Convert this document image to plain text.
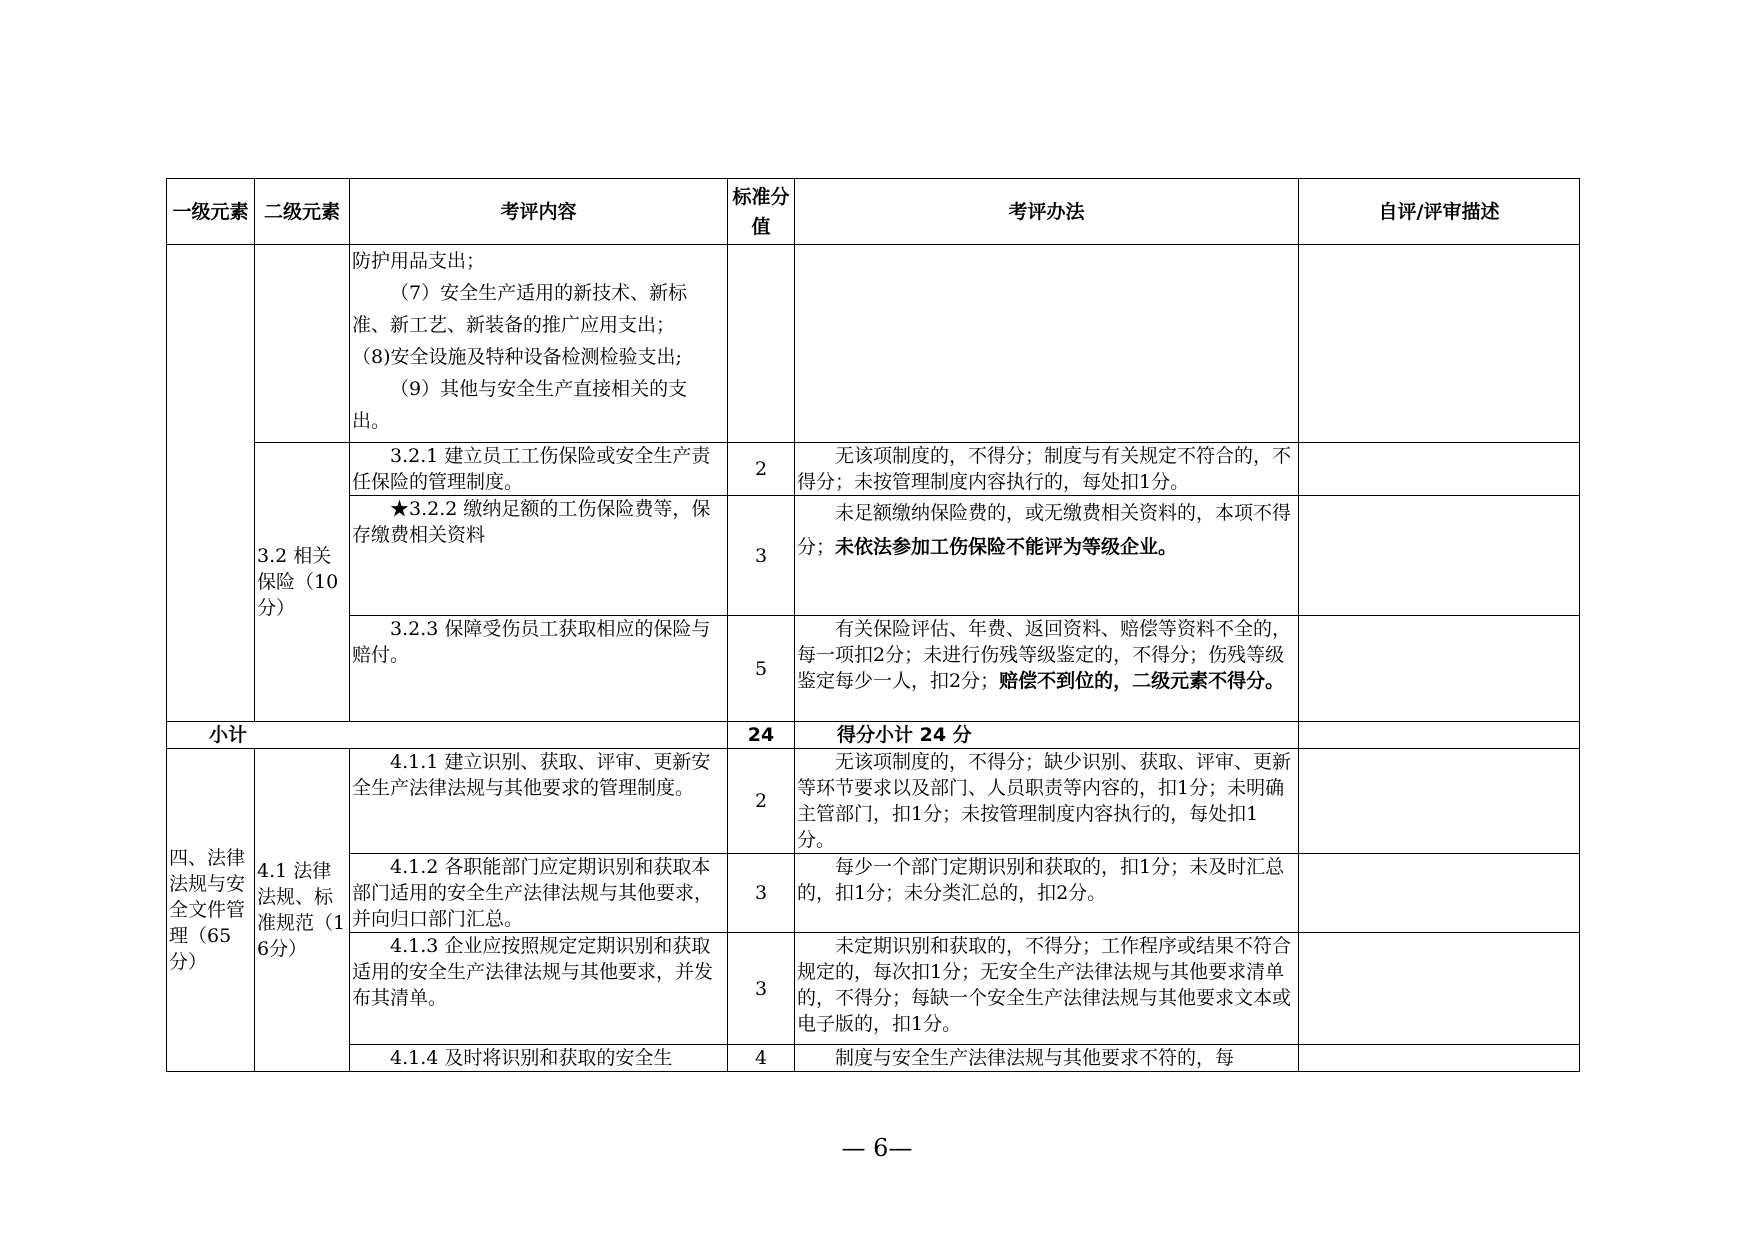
一级元素	二级元素	考评内容	标准分值	考评办法	自评/评审描述

		防护用品支出；

（7）安全生产适用的新技术、新标准、新工艺、新装备的推广应用支出；

（8)安全设施及特种设备检测检验支出;

（9）其他与安全生产直接相关的支出。			

	3.2 相关保险（10分）	3.2.1 建立员工工伤保险或安全生产责任保险的管理制度。	2	无该项制度的，不得分；制度与有关规定不符合的，不得分；未按管理制度内容执行的，每处扣1分。	
		★3.2.2 缴纳足额的工伤保险费等，保存缴费相关资料	3	未足额缴纳保险费的，或无缴费相关资料的，本项不得分；未依法参加工伤保险不能评为等级企业。	
		3.2.3 保障受伤员工获取相应的保险与赔付。	5	有关保险评估、年费、返回资料、赔偿等资料不全的，每一项扣2分；未进行伤残等级鉴定的，不得分；伤残等级鉴定每少一人，扣2分；赔偿不到位的，二级元素不得分。	
小计			24	得分小计 24 分	
四、法律法规与安全文件管理（65分）	4.1 法律法规、标准规范（16分）	4.1.1 建立识别、获取、评审、更新安全生产法律法规与其他要求的管理制度。	2	无该项制度的，不得分；缺少识别、获取、评审、更新等环节要求以及部门、人员职责等内容的，扣1分；未明确主管部门，扣1分；未按管理制度内容执行的，每处扣1分。	
		4.1.2 各职能部门应定期识别和获取本部门适用的安全生产法律法规与其他要求，并向归口部门汇总。	3	每少一个部门定期识别和获取的，扣1分；未及时汇总的，扣1分；未分类汇总的，扣2分。	
		4.1.3 企业应按照规定定期识别和获取适用的安全生产法律法规与其他要求，并发布其清单。	3	未定期识别和获取的，不得分；工作程序或结果不符合规定的，每次扣1分；无安全生产法律法规与其他要求清单的，不得分；每缺一个安全生产法律法规与其他要求文本或电子版的，扣1分。	
		4.1.4 及时将识别和获取的安全生	4	制度与安全生产法律法规与其他要求不符的，每	
— 6—
